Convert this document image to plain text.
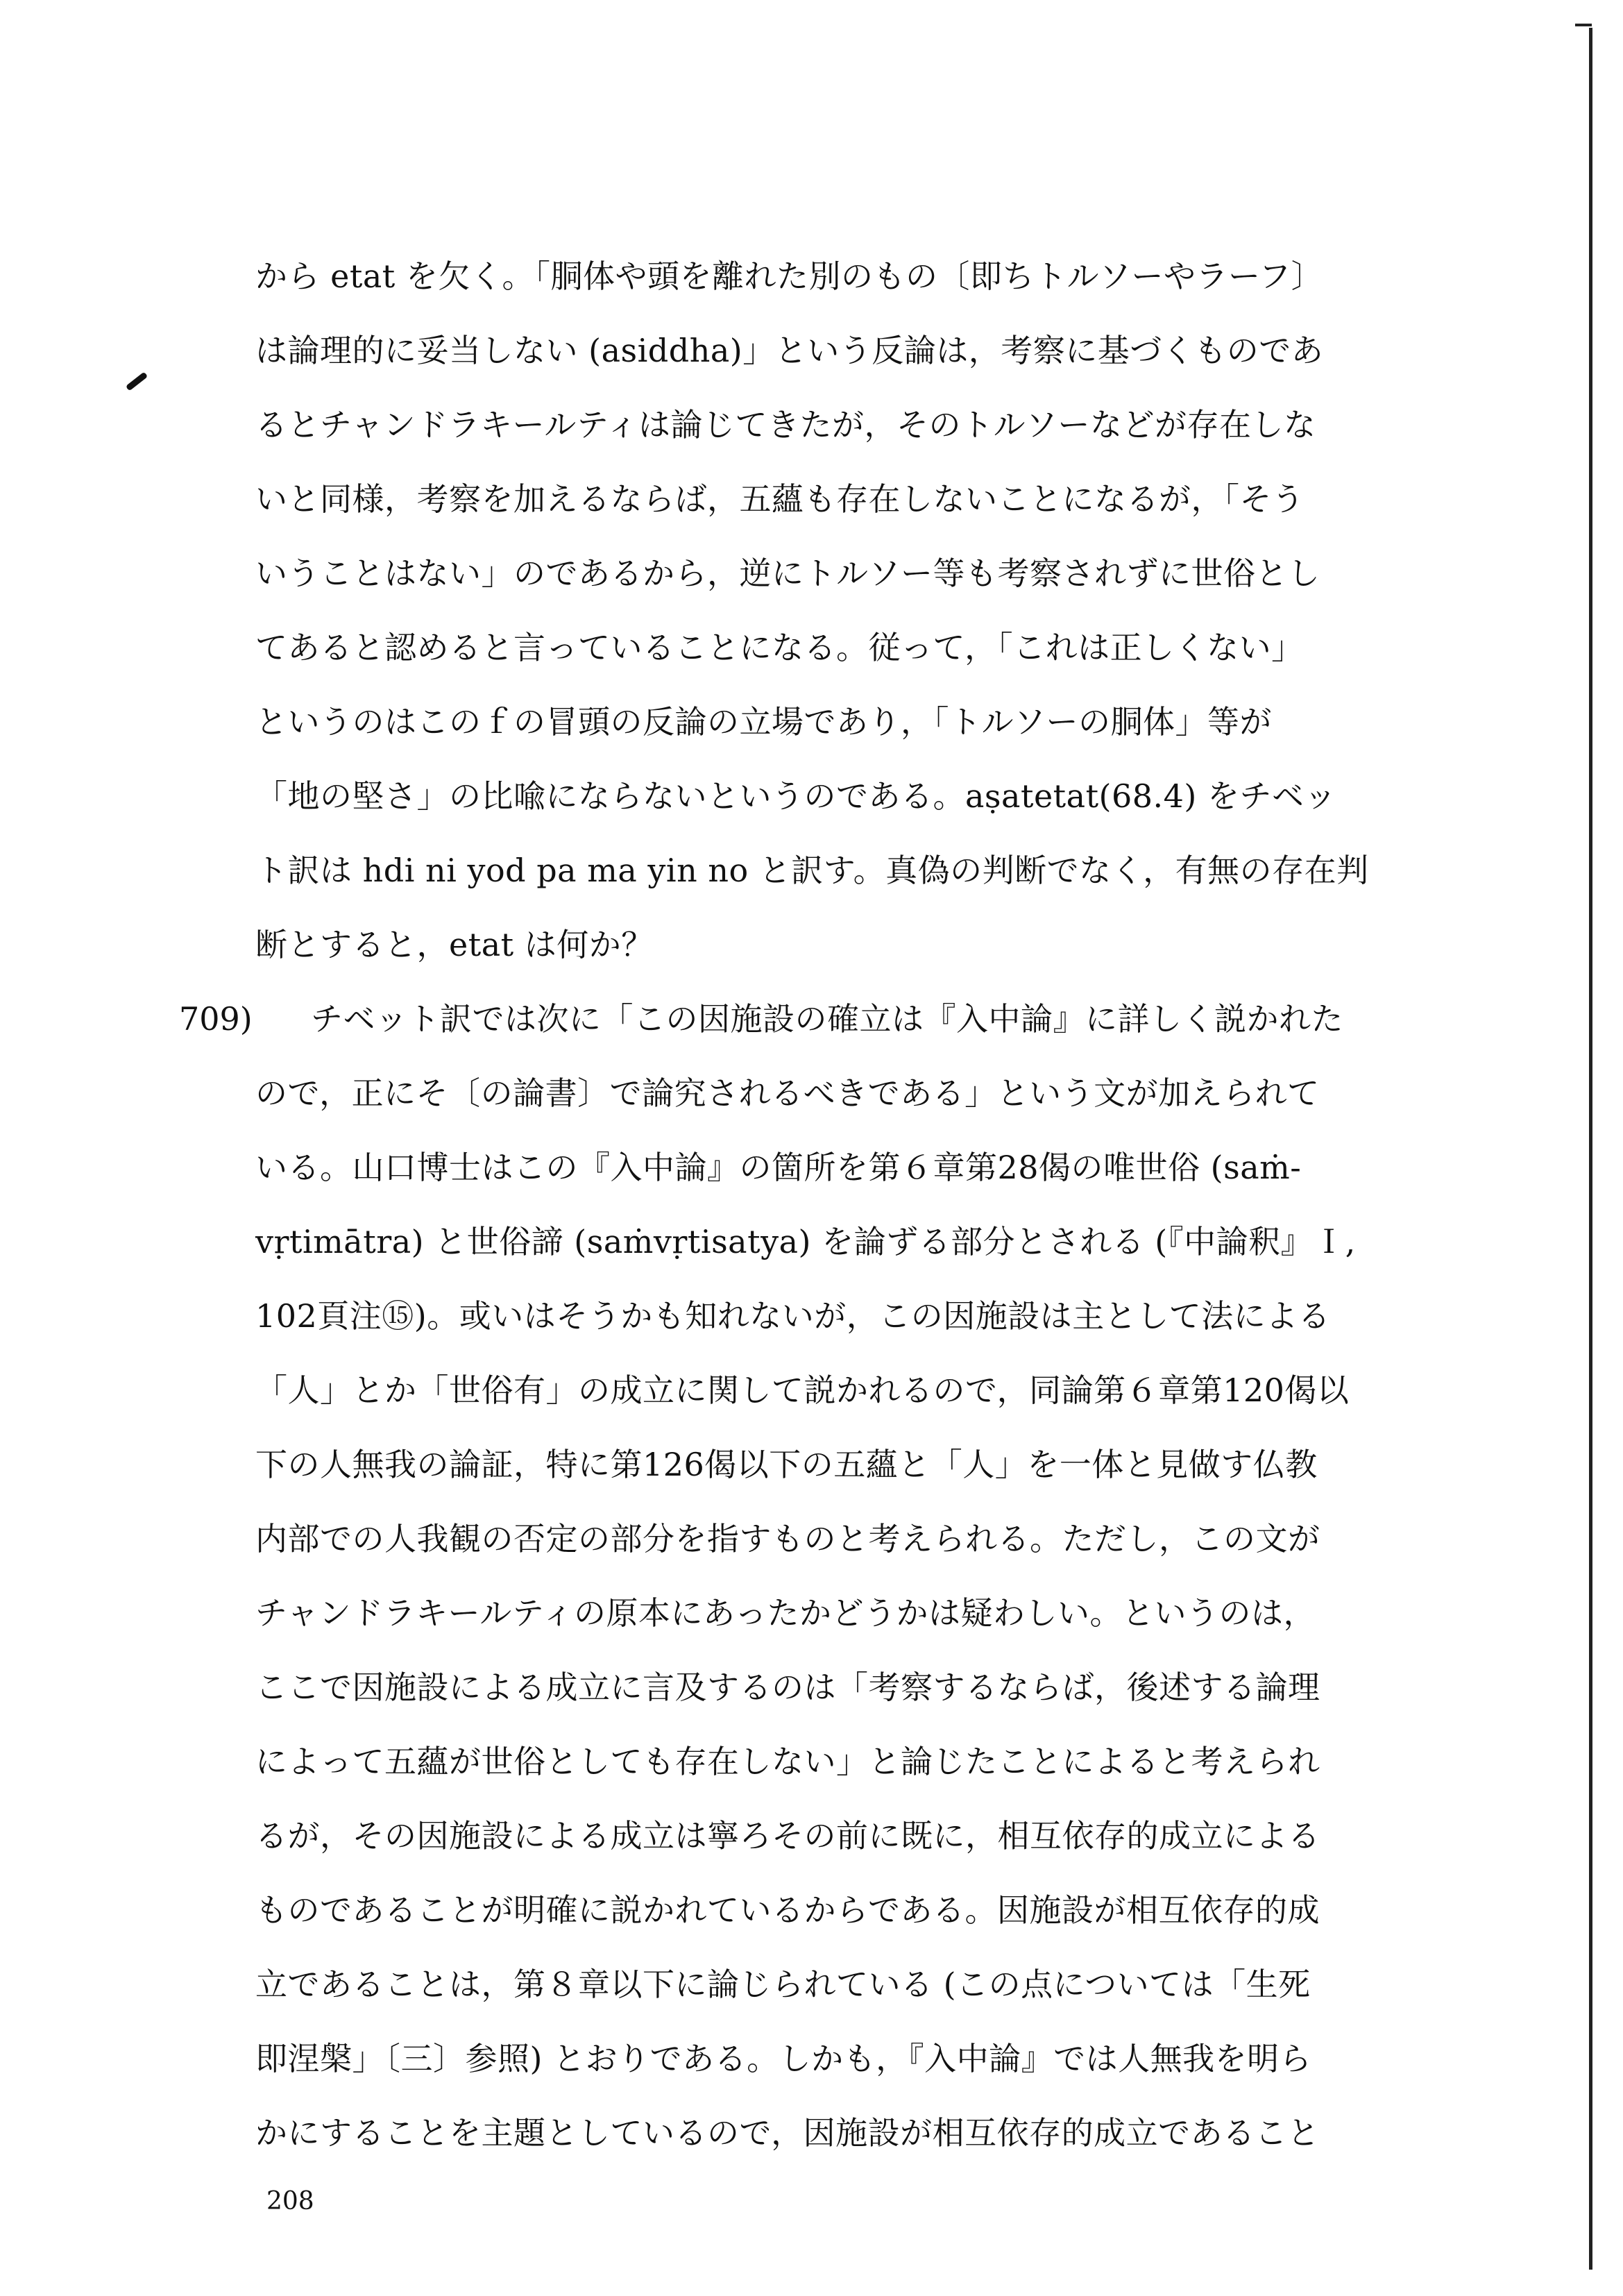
から etat を欠く。「胴体や頭を離れた別のもの〔即ちトルソーやラーフ〕
は論理的に妥当しない (asiddha)」という反論は，考察に基づくものであ
るとチャンドラキールティは論じてきたが，そのトルソーなどが存在しな
いと同様，考察を加えるならば，五蘊も存在しないことになるが，「そう
いうことはない」のであるから，逆にトルソー等も考察されずに世俗とし
てあると認めると言っていることになる。従って，「これは正しくない」
というのはこのｆの冒頭の反論の立場であり，「トルソーの胴体」等が
「地の堅さ」の比喩にならないというのである。aṣatetat(68.4) をチベッ
ト訳は hdi ni yod pa ma yin no と訳す。真偽の判断でなく，有無の存在判
断とすると，etat は何か？
709) チベット訳では次に「この因施設の確立は『入中論』に詳しく説かれた
ので，正にそ〔の論書〕で論究されるべきである」という文が加えられて
いる。山口博士はこの『入中論』の箇所を第６章第28偈の唯世俗 (saṁ-
vṛtimātra) と世俗諦 (saṁvṛtisatya) を論ずる部分とされる (『中論釈』Ｉ,
102頁注⑮)。或いはそうかも知れないが，この因施設は主として法による
「人」とか「世俗有」の成立に関して説かれるので，同論第６章第120偈以
下の人無我の論証，特に第126偈以下の五蘊と「人」を一体と見做す仏教
内部での人我観の否定の部分を指すものと考えられる。ただし，この文が
チャンドラキールティの原本にあったかどうかは疑わしい。というのは，
ここで因施設による成立に言及するのは「考察するならば，後述する論理
によって五蘊が世俗としても存在しない」と論じたことによると考えられ
るが，その因施設による成立は寧ろその前に既に，相互依存的成立による
ものであることが明確に説かれているからである。因施設が相互依存的成
立であることは，第８章以下に論じられている (この点については「生死
即涅槃」〔三〕参照) とおりである。しかも，『入中論』では人無我を明ら
かにすることを主題としているので，因施設が相互依存的成立であること
208
